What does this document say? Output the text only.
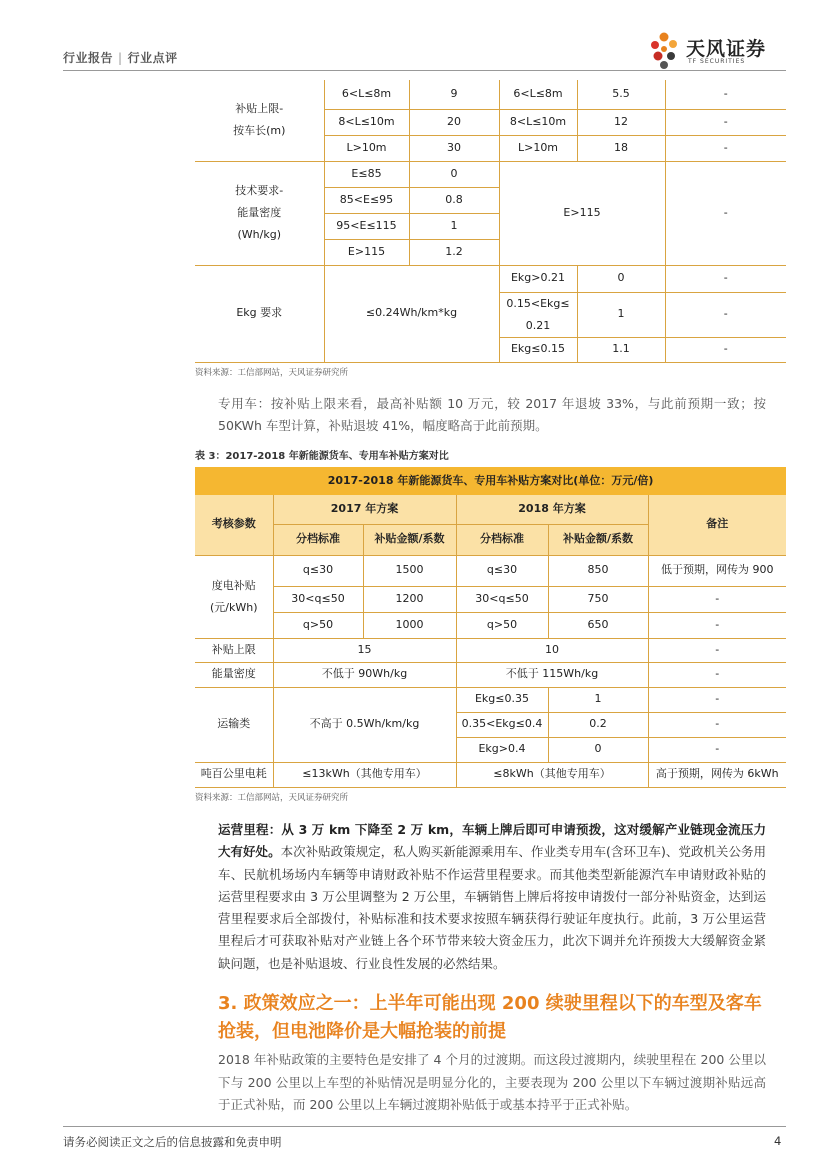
行业报告 | 行业点评	天风证券
TF SECURITIES
补贴上限-
按车长(m)	6<L≤8m	9	6<L≤8m	5.5	-
	8<L≤10m	20	8<L≤10m	12	-
	L>10m	30	L>10m	18	-
技术要求-
能量密度
(Wh/kg)	E≤85	0	E>115		-
	85<E≤95	0.8			
	95<E≤115	1			
	E>115	1.2			
Ekg 要求	≤0.24Wh/km*kg		Ekg>0.21	0	-
			0.15<Ekg≤
0.21	1	-
			Ekg≤0.15	1.1	-
资料来源：工信部网站，天风证券研究所
专用车：按补贴上限来看，最高补贴额 10 万元，较 2017 年退坡 33%，与此前预期一致；按 50KWh 车型计算，补贴退坡 41%，幅度略高于此前预期。
表 3：2017-2018 年新能源货车、专用车补贴方案对比
2017-2018 年新能源货车、专用车补贴方案对比(单位：万元/倍)					
考核参数	2017 年方案		2018 年方案		备注
	分档标准	补贴金额/系数	分档标准	补贴金额/系数	
度电补贴
(元/kWh)	q≤30	1500	q≤30	850	低于预期，网传为 900
	30<q≤50	1200	30<q≤50	750	-
	q>50	1000	q>50	650	-
补贴上限	15		10		-
能量密度	不低于 90Wh/kg		不低于 115Wh/kg		-
运输类	不高于 0.5Wh/km/kg		Ekg≤0.35	1	-
			0.35<Ekg≤0.4	0.2	-
			Ekg>0.4	0	-
吨百公里电耗	≤13kWh（其他专用车）		≤8kWh（其他专用车）		高于预期，网传为 6kWh
资料来源：工信部网站，天风证券研究所
运营里程：从 3 万 km 下降至 2 万 km，车辆上牌后即可申请预拨，这对缓解产业链现金流压力大有好处。本次补贴政策规定，私人购买新能源乘用车、作业类专用车(含环卫车)、党政机关公务用车、民航机场场内车辆等申请财政补贴不作运营里程要求。而其他类型新能源汽车申请财政补贴的运营里程要求由 3 万公里调整为 2 万公里，车辆销售上牌后将按申请拨付一部分补贴资金，达到运营里程要求后全部拨付，补贴标准和技术要求按照车辆获得行驶证年度执行。此前，3 万公里运营里程后才可获取补贴对产业链上各个环节带来较大资金压力，此次下调并允许预拨大大缓解资金紧缺问题，也是补贴退坡、行业良性发展的必然结果。
3. 政策效应之一：上半年可能出现 200 续驶里程以下的车型及客车抢装，但电池降价是大幅抢装的前提
2018 年补贴政策的主要特色是安排了 4 个月的过渡期。而这段过渡期内，续驶里程在 200 公里以下与 200 公里以上车型的补贴情况是明显分化的，主要表现为 200 公里以下车辆过渡期补贴远高于正式补贴，而 200 公里以上车辆过渡期补贴低于或基本持平于正式补贴。
请务必阅读正文之后的信息披露和免责申明	4
